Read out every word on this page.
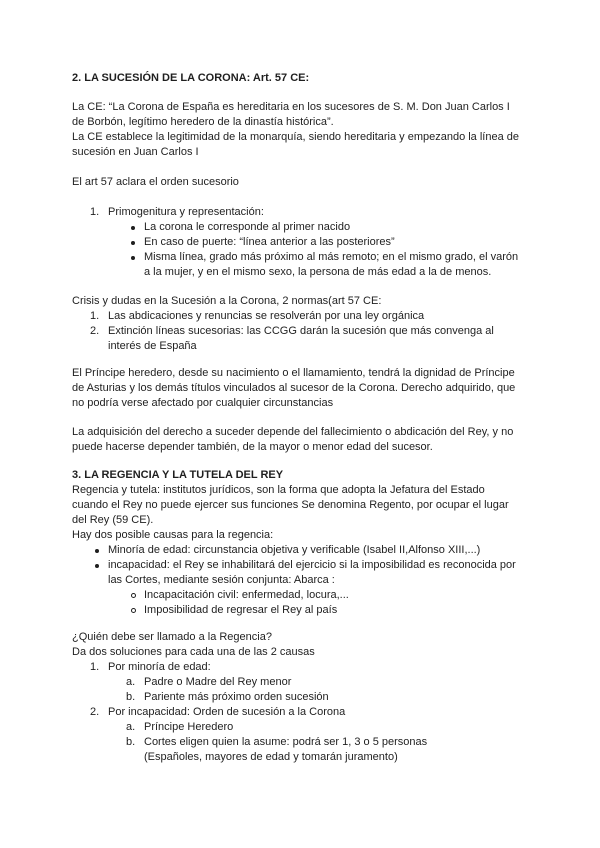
2. LA SUCESIÓN DE LA CORONA: Art. 57 CE:
La CE: “La Corona de España es hereditaria en los sucesores de S. M. Don Juan Carlos I
de Borbón, legítimo heredero de la dinastía histórica”.
La CE establece la legitimidad de la monarquía, siendo hereditaria y empezando la línea de
sucesión en Juan Carlos I
El art 57 aclara el orden sucesorio
1. Primogenitura y representación:
La corona le corresponde al primer nacido
En caso de puerte: “línea anterior a las posteriores”
Misma línea, grado más próximo al más remoto; en el mismo grado, el varón
a la mujer, y en el mismo sexo, la persona de más edad a la de menos.
Crisis y dudas en la Sucesión a la Corona, 2 normas(art 57 CE:
1. Las abdicaciones y renuncias se resolverán por una ley orgánica
2. Extinción líneas sucesorias: las CCGG darán la sucesión que más convenga al
interés de España
El Príncipe heredero, desde su nacimiento o el llamamiento, tendrá la dignidad de Príncipe
de Asturias y los demás títulos vinculados al sucesor de la Corona. Derecho adquirido, que
no podría verse afectado por cualquier circunstancias
La adquisición del derecho a suceder depende del fallecimiento o abdicación del Rey, y no
puede hacerse depender también, de la mayor o menor edad del sucesor.
3. LA REGENCIA Y LA TUTELA DEL REY
Regencia y tutela: institutos jurídicos, son la forma que adopta la Jefatura del Estado
cuando el Rey no puede ejercer sus funciones Se denomina Regento, por ocupar el lugar
del Rey (59 CE).
Hay dos posible causas para la regencia:
Minoría de edad: circunstancia objetiva y verificable (Isabel II,Alfonso XIII,...)
incapacidad: el Rey se inhabilitará del ejercicio si la imposibilidad es reconocida por
las Cortes, mediante sesión conjunta: Abarca :
Incapacitación civil: enfermedad, locura,...
Imposibilidad de regresar el Rey al país
¿Quién debe ser llamado a la Regencia?
Da dos soluciones para cada una de las 2 causas
1. Por minoría de edad:
a. Padre o Madre del Rey menor
b. Pariente más próximo orden sucesión
2. Por incapacidad: Orden de sucesión a la Corona
a. Príncipe Heredero
b. Cortes eligen quien la asume: podrá ser 1, 3 o 5 personas
(Españoles, mayores de edad y tomarán juramento)
